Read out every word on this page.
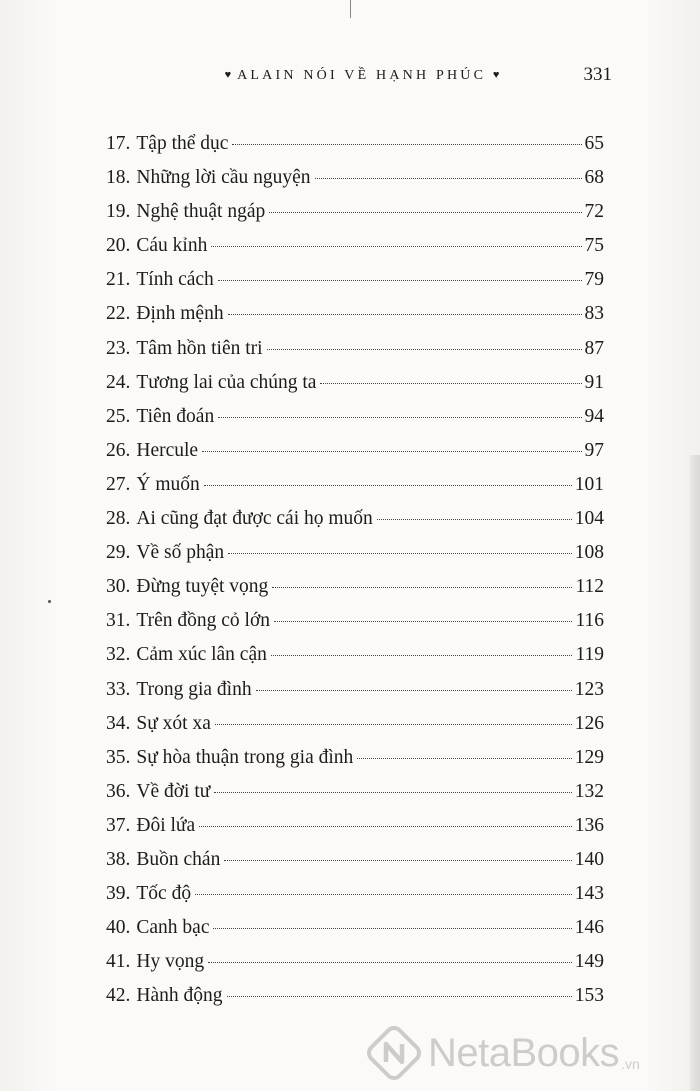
♥ ALAIN NÓI VỀ HẠNH PHÚC ♥	331
17. Tập thể dục	65
18. Những lời cầu nguyện	68
19. Nghệ thuật ngáp	72
20. Cáu kỉnh	75
21. Tính cách	79
22. Định mệnh	83
23. Tâm hồn tiên tri	87
24. Tương lai của chúng ta	91
25. Tiên đoán	94
26. Hercule	97
27. Ý muốn	101
28. Ai cũng đạt được cái họ muốn	104
29. Về số phận	108
30. Đừng tuyệt vọng	112
31. Trên đồng cỏ lớn	116
32. Cảm xúc lân cận	119
33. Trong gia đình	123
34. Sự xót xa	126
35. Sự hòa thuận trong gia đình	129
36. Về đời tư	132
37. Đôi lứa	136
38. Buồn chán	140
39. Tốc độ	143
40. Canh bạc	146
41. Hy vọng	149
42. Hành động	153
NetaBooks .vn
